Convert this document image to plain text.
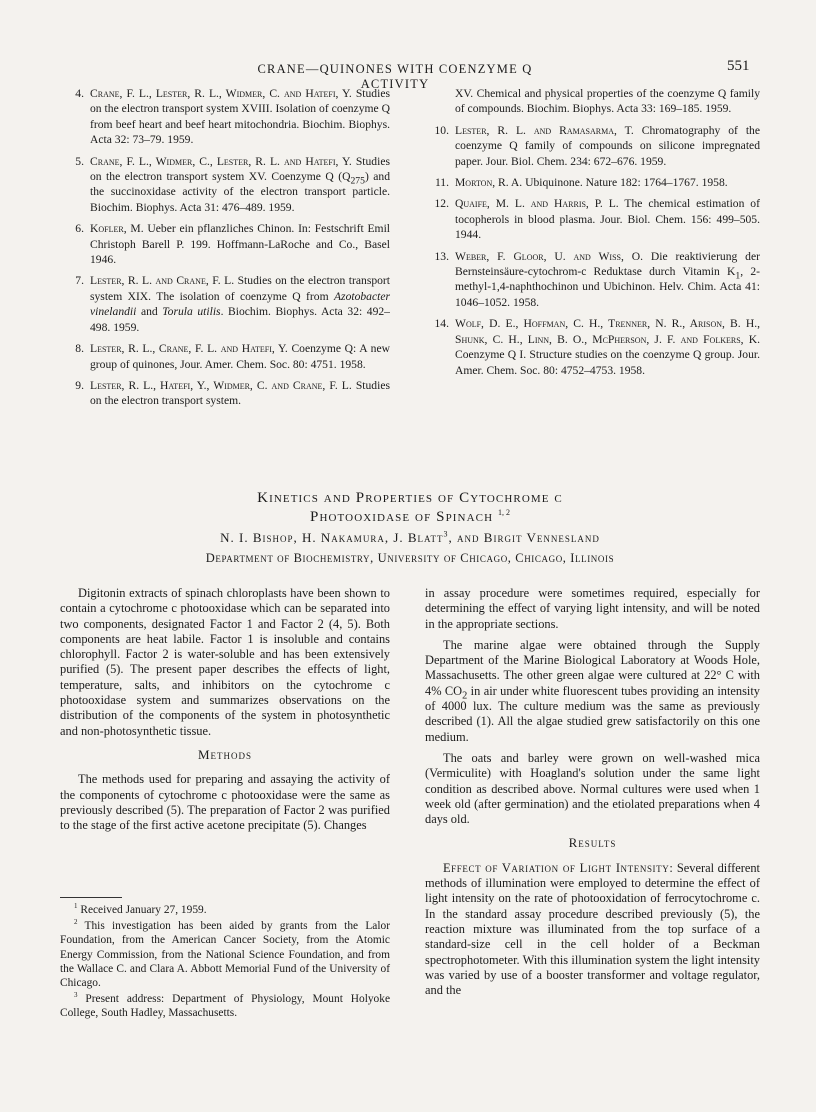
CRANE—QUINONES WITH COENZYME Q ACTIVITY
551
4. Crane, F. L., Lester, R. L., Widmer, C. and Hatefi, Y. Studies on the electron transport system XVIII. Isolation of coenzyme Q from beef heart and beef heart mitochondria. Biochim. Biophys. Acta 32: 73–79. 1959.
5. Crane, F. L., Widmer, C., Lester, R. L. and Hatefi, Y. Studies on the electron transport system XV. Coenzyme Q $(Q_{275})$ and the succinoxidase activity of the electron transport particle. Biochim. Biophys. Acta 31: 476–489. 1959.
6. Kofler, M. Ueber ein pflanzliches Chinon. In: Festschrift Emil Christoph Barell P. 199. Hoffmann-LaRoche and Co., Basel 1946.
7. Lester, R. L. and Crane, F. L. Studies on the electron transport system XIX. The isolation of coenzyme Q from Azotobacter vinelandii and Torula utilis. Biochim. Biophys. Acta 32: 492–498. 1959.
8. Lester, R. L., Crane, F. L. and Hatefi, Y. Coenzyme Q: A new group of quinones, Jour. Amer. Chem. Soc. 80: 4751. 1958.
9. Lester, R. L., Hatefi, Y., Widmer, C. and Crane, F. L. Studies on the electron transport system.
XV. Chemical and physical properties of the coenzyme Q family of compounds. Biochim. Biophys. Acta 33: 169–185. 1959.
10. Lester, R. L. and Ramasarma, T. Chromatography of the coenzyme Q family of compounds on silicone impregnated paper. Jour. Biol. Chem. 234: 672–676. 1959.
11. Morton, R. A. Ubiquinone. Nature 182: 1764–1767. 1958.
12. Quaife, M. L. and Harris, P. L. The chemical estimation of tocopherols in blood plasma. Jour. Biol. Chem. 156: 499–505. 1944.
13. Weber, F. Gloor, U. and Wiss, O. Die reaktivierung der Bernsteinsäure-cytochrom-c Reduktase durch Vitamin $K_1$, 2-methyl-1,4-naphthochinon und Ubichinon. Helv. Chim. Acta 41: 1046–1052. 1958.
14. Wolf, D. E., Hoffman, C. H., Trenner, N. R., Arison, B. H., Shunk, C. H., Linn, B. O., McPherson, J. F. and Folkers, K. Coenzyme Q I. Structure studies on the coenzyme Q group. Jour. Amer. Chem. Soc. 80: 4752–4753. 1958.
Kinetics and Properties of Cytochrome c
Photooxidase of Spinach $^{1, 2}$
N. I. Bishop, H. Nakamura, J. Blatt$^3$, and Birgit Vennesland
Department of Biochemistry, University of Chicago, Chicago, Illinois

Digitonin extracts of spinach chloroplasts have been shown to contain a cytochrome c photooxidase which can be separated into two components, designated Factor 1 and Factor 2 (4, 5). Both components are heat labile. Factor 1 is insoluble and contains chlorophyll. Factor 2 is water-soluble and has been extensively purified (5). The present paper describes the effects of light, temperature, salts, and inhibitors on the cytochrome c photooxidase system and summarizes observations on the distribution of the components of the system in photosynthetic and non-photosynthetic tissue.

Methods

The methods used for preparing and assaying the activity of the components of cytochrome c photooxidase were the same as previously described (5). The preparation of Factor 2 was purified to the stage of the first active acetone precipitate (5). Changes

in assay procedure were sometimes required, especially for determining the effect of varying light intensity, and will be noted in the appropriate sections.

The marine algae were obtained through the Supply Department of the Marine Biological Laboratory at Woods Hole, Massachusetts. The other green algae were cultured at 22° C with 4% $CO_2$ in air under white fluorescent tubes providing an intensity of 4000 lux. The culture medium was the same as previously described (1). All the algae studied grew satisfactorily on this one medium.

The oats and barley were grown on well-washed mica (Vermiculite) with Hoagland's solution under the same light condition as described above. Normal cultures were used when 1 week old (after germination) and the etiolated preparations when 4 days old.

Results

Effect of Variation of Light Intensity: Several different methods of illumination were employed to determine the effect of light intensity on the rate of photooxidation of ferrocytochrome c. In the standard assay procedure described previously (5), the reaction mixture was illuminated from the top surface of a standard-size cell in the cell holder of a Beckman spectrophotometer. With this illumination system the light intensity was varied by use of a booster transformer and voltage regulator, and the

$^1$ Received January 27, 1959.

$^2$ This investigation has been aided by grants from the Lalor Foundation, from the American Cancer Society, from the Atomic Energy Commission, from the National Science Foundation, and from the Wallace C. and Clara A. Abbott Memorial Fund of the University of Chicago.

$^3$ Present address: Department of Physiology, Mount Holyoke College, South Hadley, Massachusetts.
